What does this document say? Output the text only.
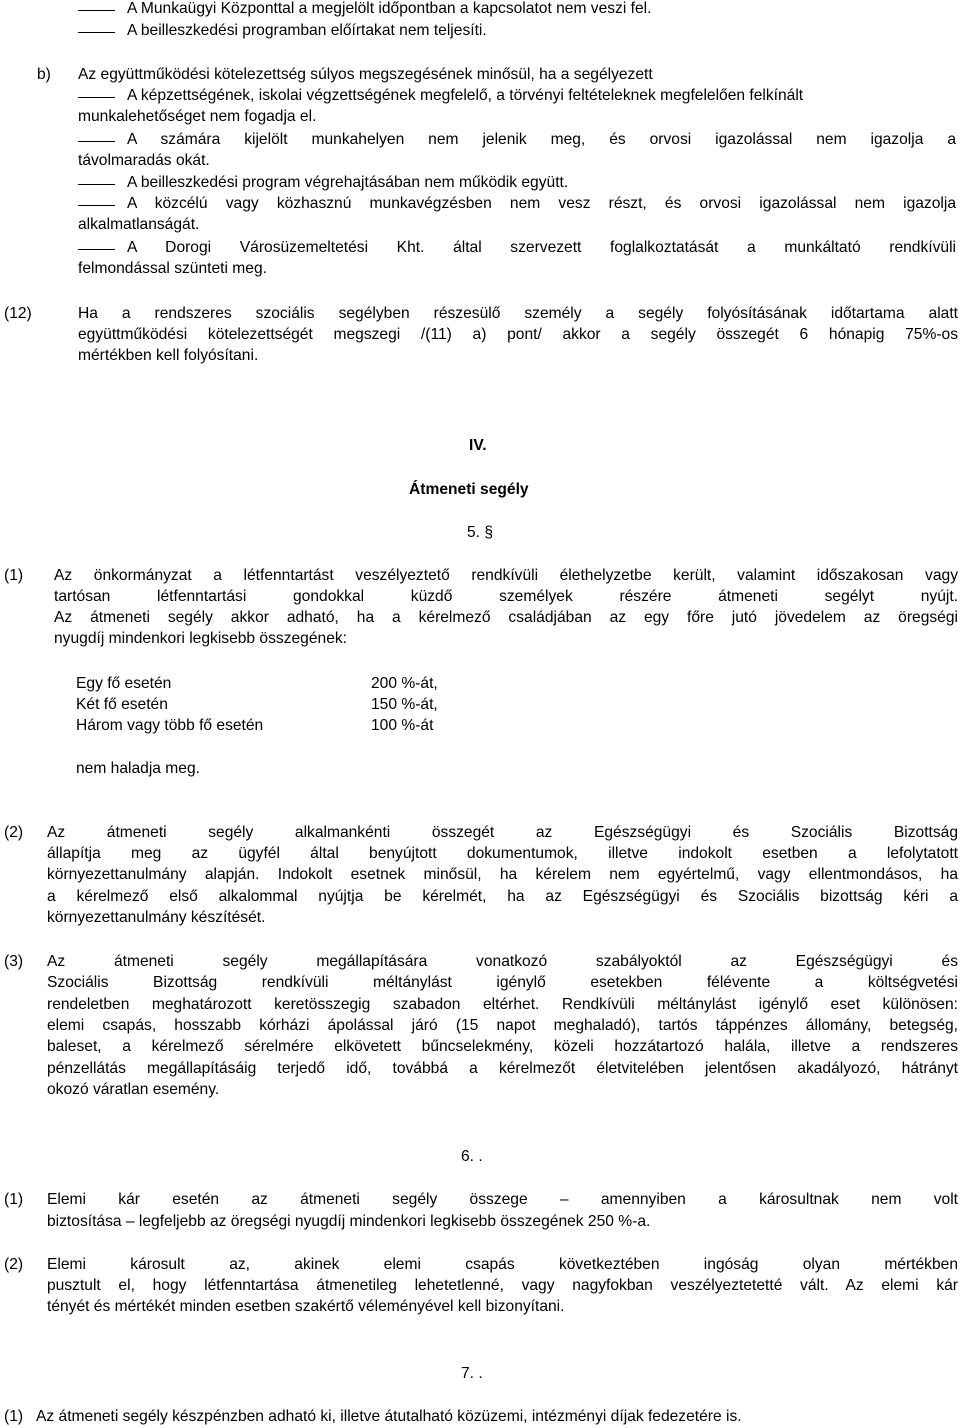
A Munkaügyi Központtal a megjelölt időpontban a kapcsolatot nem veszi fel.
A beilleszkedési programban előírtakat nem teljesíti.
b) Az együttműködési kötelezettség súlyos megszegésének minősül, ha a segélyezett
A képzettségének, iskolai végzettségének megfelelő, a törvényi feltételeknek megfelelően felkínált
munkalehetőséget nem fogadja el.
A számára kijelölt munkahelyen nem jelenik meg, és orvosi igazolással nem igazolja a
távolmaradás okát.
A beilleszkedési program végrehajtásában nem működik együtt.
A közcélú vagy közhasznú munkavégzésben nem vesz részt, és orvosi igazolással nem igazolja
alkalmatlanságát.
A Dorogi Városüzemeltetési Kht. által szervezett foglalkoztatását a munkáltató rendkívüli
felmondással szünteti meg.
(12)	Ha a rendszeres szociális segélyben részesülő személy a segély folyósításának időtartama alatt
együttműködési kötelezettségét megszegi /(11) a) pont/ akkor a segély összegét 6 hónapig 75%-os
mértékben kell folyósítani.
IV.
Átmeneti segély
5. §
(1) Az önkormányzat a létfenntartást veszélyeztető rendkívüli élethelyzetbe került, valamint időszakosan vagy
tartósan létfenntartási gondokkal küzdő személyek részére átmeneti segélyt nyújt.
Az átmeneti segély akkor adható, ha a kérelmező családjában az egy főre jutó jövedelem az öregségi
nyugdíj mindenkori legkisebb összegének:
Egy fő esetén	200 %-át,
Két fő esetén	150 %-át,
Három vagy több fő esetén	100 %-át
nem haladja meg.
(2) Az átmeneti segély alkalmankénti összegét az Egészségügyi és Szociális Bizottság
állapítja meg az ügyfél által benyújtott dokumentumok, illetve indokolt esetben a lefolytatott
környezettanulmány alapján. Indokolt esetnek minősül, ha kérelem nem egyértelmű, vagy ellentmondásos, ha
a kérelmező első alkalommal nyújtja be kérelmét, ha az Egészségügyi és Szociális bizottság kéri a
környezettanulmány készítését.
(3) Az átmeneti segély megállapítására vonatkozó szabályoktól az Egészségügyi és
Szociális Bizottság rendkívüli méltánylást igénylő esetekben félévente a költségvetési
rendeletben meghatározott keretösszegig szabadon eltérhet. Rendkívüli méltánylást igénylő eset különösen:
elemi csapás, hosszabb kórházi ápolással járó (15 napot meghaladó), tartós táppénzes állomány, betegség,
baleset, a kérelmező sérelmére elkövetett bűncselekmény, közeli hozzátartozó halála, illetve a rendszeres
pénzellátás megállapításáig terjedő idő, továbbá a kérelmezőt életvitelében jelentősen akadályozó, hátrányt
okozó váratlan esemény.
6. .
(1) Elemi kár esetén az átmeneti segély összege – amennyiben a károsultnak nem volt
biztosítása – legfeljebb az öregségi nyugdíj mindenkori legkisebb összegének 250 %-a.
(2) Elemi károsult az, akinek elemi csapás következtében ingóság olyan mértékben
pusztult el, hogy létfenntartása átmenetileg lehetetlenné, vagy nagyfokban veszélyeztetetté vált. Az elemi kár
tényét és mértékét minden esetben szakértő véleményével kell bizonyítani.
7. .
(1) Az átmeneti segély készpénzben adható ki, illetve átutalható közüzemi, intézményi díjak fedezetére is.
